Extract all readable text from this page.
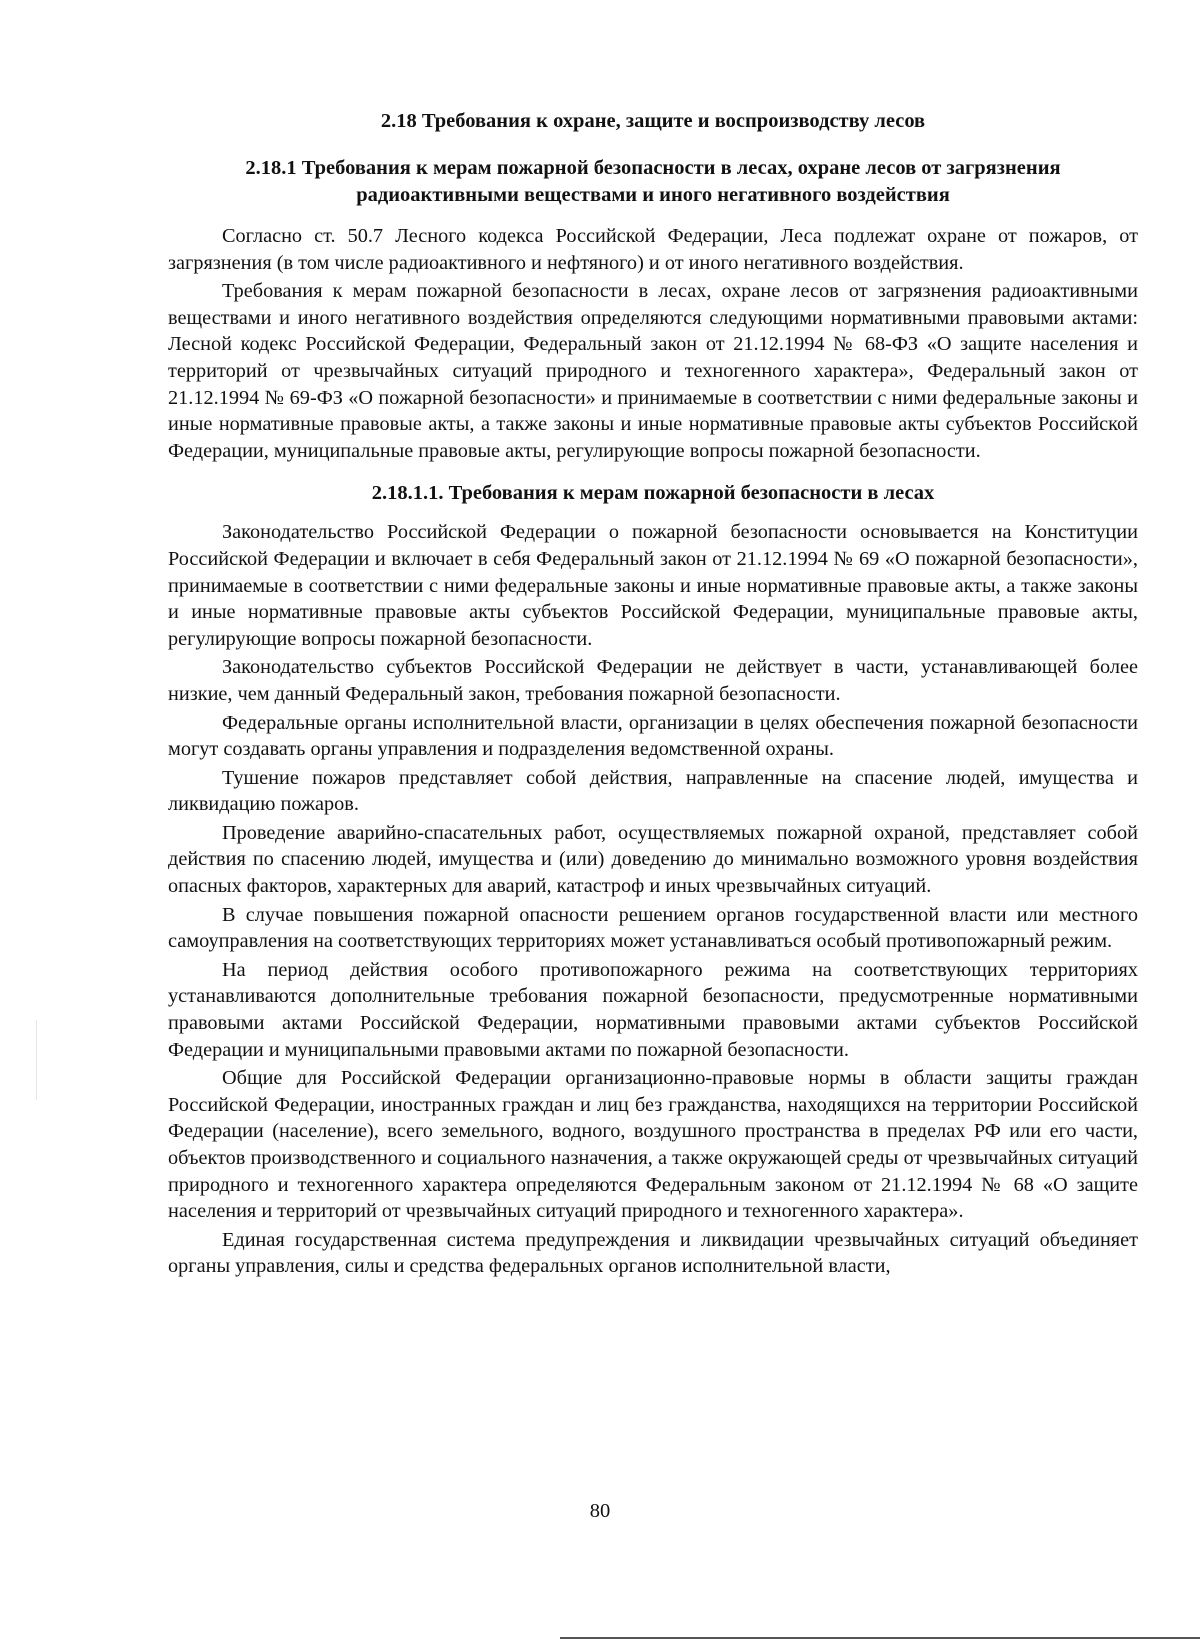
2.18 Требования к охране, защите и воспроизводству лесов
2.18.1 Требования к мерам пожарной безопасности в лесах, охране лесов от загрязнения радиоактивными веществами и иного негативного воздействия

Согласно ст. 50.7 Лесного кодекса Российской Федерации, Леса подлежат охране от пожаров, от загрязнения (в том числе радиоактивного и нефтяного) и от иного негативного воздействия.

Требования к мерам пожарной безопасности в лесах, охране лесов от загрязнения радиоактивными веществами и иного негативного воздействия определяются следующими нормативными правовыми актами: Лесной кодекс Российской Федерации, Федеральный закон от 21.12.1994 № 68-ФЗ «О защите населения и территорий от чрезвычайных ситуаций природного и техногенного характера», Федеральный закон от 21.12.1994 № 69-ФЗ «О пожарной безопасности» и принимаемые в соответствии с ними федеральные законы и иные нормативные правовые акты, а также законы и иные нормативные правовые акты субъектов Российской Федерации, муниципальные правовые акты, регулирующие вопросы пожарной безопасности.

2.18.1.1. Требования к мерам пожарной безопасности в лесах

Законодательство Российской Федерации о пожарной безопасности основывается на Конституции Российской Федерации и включает в себя Федеральный закон от 21.12.1994 № 69 «О пожарной безопасности», принимаемые в соответствии с ними федеральные законы и иные нормативные правовые акты, а также законы и иные нормативные правовые акты субъектов Российской Федерации, муниципальные правовые акты, регулирующие вопросы пожарной безопасности.

Законодательство субъектов Российской Федерации не действует в части, устанавливающей более низкие, чем данный Федеральный закон, требования пожарной безопасности.

Федеральные органы исполнительной власти, организации в целях обеспечения пожарной безопасности могут создавать органы управления и подразделения ведомственной охраны.

Тушение пожаров представляет собой действия, направленные на спасение людей, имущества и ликвидацию пожаров.

Проведение аварийно-спасательных работ, осуществляемых пожарной охраной, представляет собой действия по спасению людей, имущества и (или) доведению до минимально возможного уровня воздействия опасных факторов, характерных для аварий, катастроф и иных чрезвычайных ситуаций.

В случае повышения пожарной опасности решением органов государственной власти или местного самоуправления на соответствующих территориях может устанавливаться особый противопожарный режим.

На период действия особого противопожарного режима на соответствующих территориях устанавливаются дополнительные требования пожарной безопасности, предусмотренные нормативными правовыми актами Российской Федерации, нормативными правовыми актами субъектов Российской Федерации и муниципальными правовыми актами по пожарной безопасности.

Общие для Российской Федерации организационно-правовые нормы в области защиты граждан Российской Федерации, иностранных граждан и лиц без гражданства, находящихся на территории Российской Федерации (население), всего земельного, водного, воздушного пространства в пределах РФ или его части, объектов производственного и социального назначения, а также окружающей среды от чрезвычайных ситуаций природного и техногенного характера определяются Федеральным законом от 21.12.1994 № 68 «О защите населения и территорий от чрезвычайных ситуаций природного и техногенного характера».

Единая государственная система предупреждения и ликвидации чрезвычайных ситуаций объединяет органы управления, силы и средства федеральных органов исполнительной власти,

80
